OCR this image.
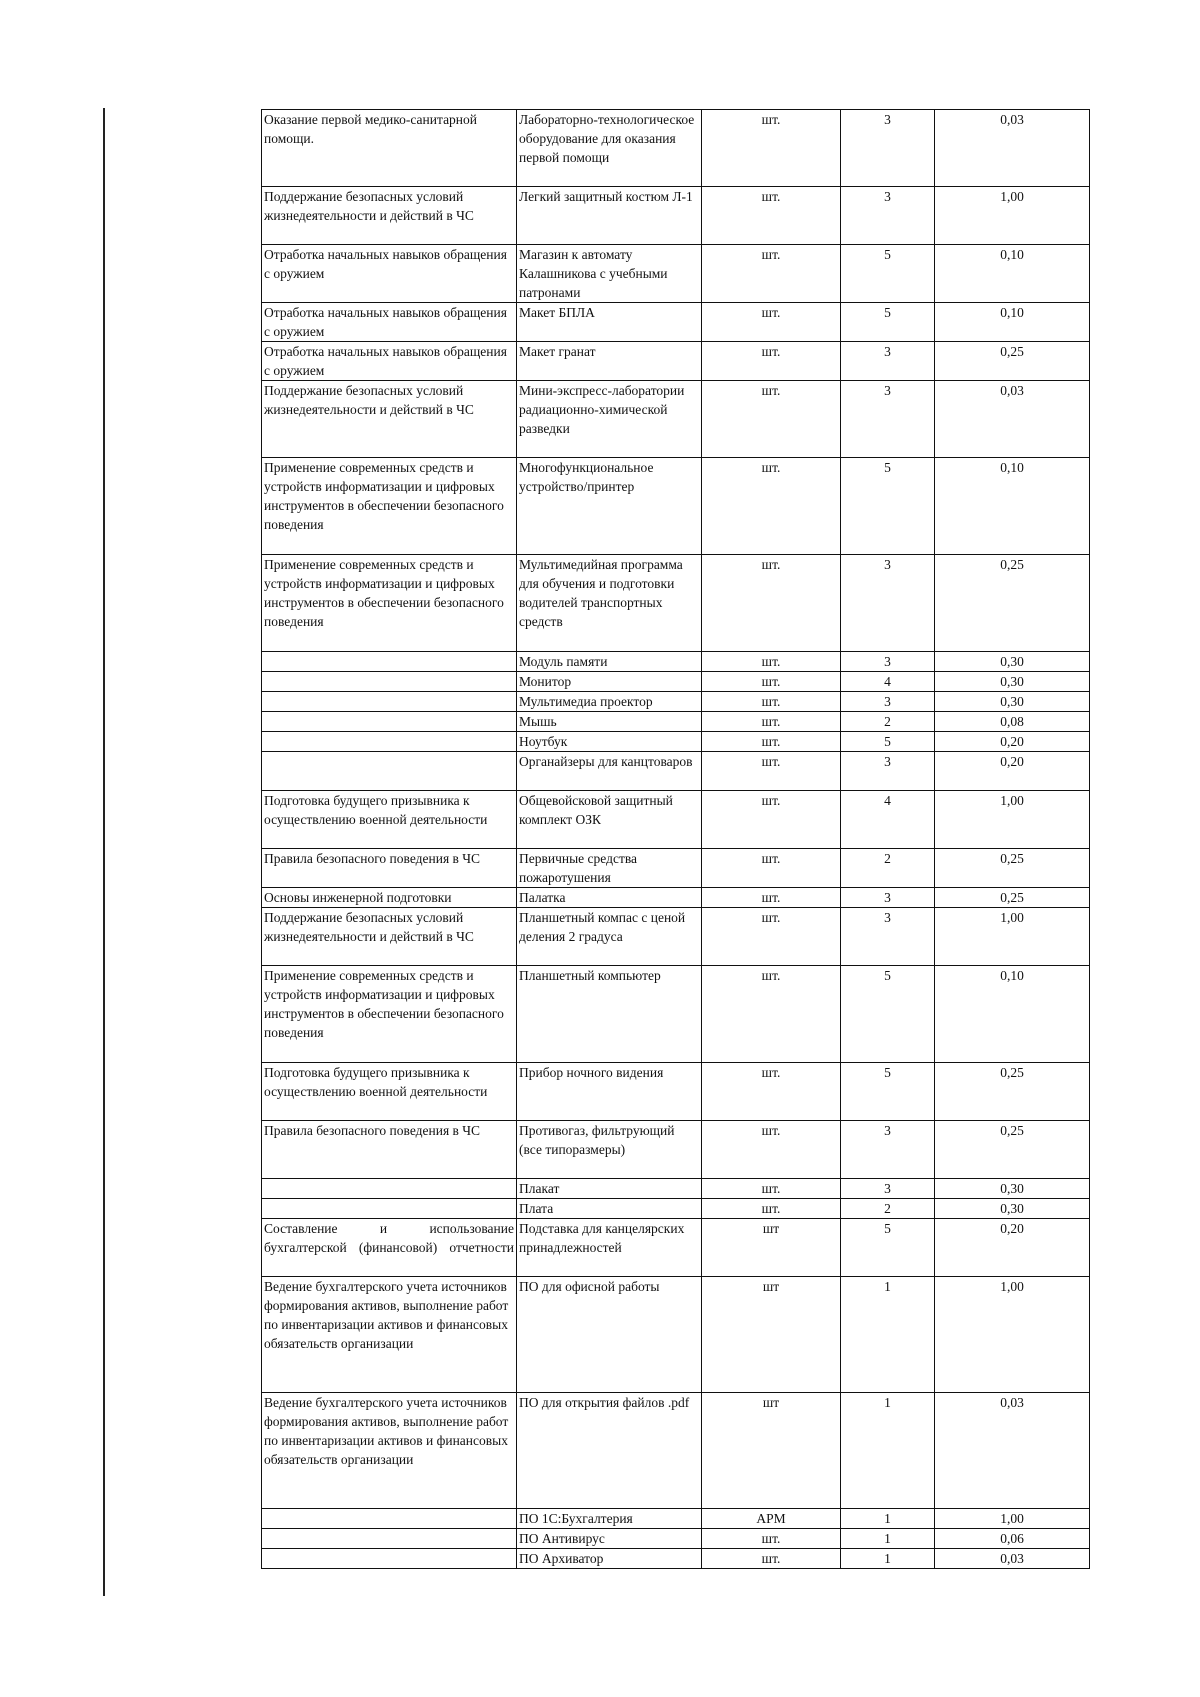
Оказание первой медико-санитарной помощи.	Лабораторно-технологическое оборудование для оказания первой помощи	шт.	3	0,03
Поддержание безопасных условий жизнедеятельности и действий в ЧС	Легкий защитный костюм Л-1	шт.	3	1,00
Отработка начальных навыков обращения с оружием	Магазин к автомату Калашникова с учебными патронами	шт.	5	0,10
Отработка начальных навыков обращения с оружием	Макет БПЛА	шт.	5	0,10
Отработка начальных навыков обращения с оружием	Макет гранат	шт.	3	0,25
Поддержание безопасных условий жизнедеятельности и действий в ЧС	Мини-экспресс-лаборатории радиационно-химической разведки	шт.	3	0,03
Применение современных средств и устройств информатизации и цифровых инструментов в обеспечении безопасного поведения	Многофункциональное устройство/принтер	шт.	5	0,10
Применение современных средств и устройств информатизации и цифровых инструментов в обеспечении безопасного поведения	Мультимедийная программа для обучения и подготовки водителей транспортных средств	шт.	3	0,25
	Модуль памяти	шт.	3	0,30
	Монитор	шт.	4	0,30
	Мультимедиа проектор	шт.	3	0,30
	Мышь	шт.	2	0,08
	Ноутбук	шт.	5	0,20
	Органайзеры для канцтоваров	шт.	3	0,20
Подготовка будущего призывника к осуществлению военной деятельности	Общевойсковой защитный комплект ОЗК	шт.	4	1,00
Правила безопасного поведения в ЧС	Первичные средства пожаротушения	шт.	2	0,25
Основы инженерной подготовки	Палатка	шт.	3	0,25
Поддержание безопасных условий жизнедеятельности и действий в ЧС	Планшетный компас с ценой деления 2 градуса	шт.	3	1,00
Применение современных средств и устройств информатизации и цифровых инструментов в обеспечении безопасного поведения	Планшетный компьютер	шт.	5	0,10
Подготовка будущего призывника к осуществлению военной деятельности	Прибор ночного видения	шт.	5	0,25
Правила безопасного поведения в ЧС	Противогаз, фильтрующий (все типоразмеры)	шт.	3	0,25
	Плакат	шт.	3	0,30
	Плата	шт.	2	0,30
Составление и использование бухгалтерской (финансовой) отчетности	Подставка для канцелярских принадлежностей	шт	5	0,20
Ведение бухгалтерского учета источников формирования активов, выполнение работ по инвентаризации активов и финансовых обязательств организации	ПО для офисной работы	шт	1	1,00
Ведение бухгалтерского учета источников формирования активов, выполнение работ по инвентаризации активов и финансовых обязательств организации	ПО для открытия файлов .pdf	шт	1	0,03
	ПО 1С:Бухгалтерия	АРМ	1	1,00
	ПО Антивирус	шт.	1	0,06
	ПО Архиватор	шт.	1	0,03
